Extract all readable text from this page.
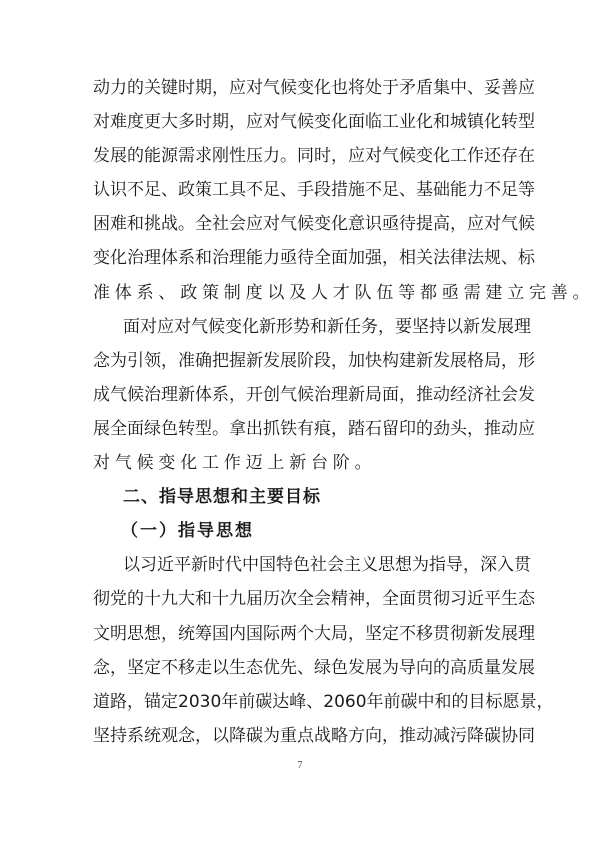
动力的关键时期，应对气候变化也将处于矛盾集中、妥善应
对难度更大多时期，应对气候变化面临工业化和城镇化转型
发展的能源需求刚性压力。同时，应对气候变化工作还存在
认识不足、政策工具不足、手段措施不足、基础能力不足等
困难和挑战。全社会应对气候变化意识亟待提高，应对气候
变化治理体系和治理能力亟待全面加强，相关法律法规、标
准体系、政策制度以及人才队伍等都亟需建立完善。
面对应对气候变化新形势和新任务，要坚持以新发展理
念为引领，准确把握新发展阶段，加快构建新发展格局，形
成气候治理新体系，开创气候治理新局面，推动经济社会发
展全面绿色转型。拿出抓铁有痕，踏石留印的劲头，推动应
对气候变化工作迈上新台阶。
二、指导思想和主要目标
（一）指导思想
以习近平新时代中国特色社会主义思想为指导，深入贯
彻党的十九大和十九届历次全会精神，全面贯彻习近平生态
文明思想，统筹国内国际两个大局，坚定不移贯彻新发展理
念，坚定不移走以生态优先、绿色发展为导向的高质量发展
道路，锚定2030年前碳达峰、2060年前碳中和的目标愿景，
坚持系统观念，以降碳为重点战略方向，推动减污降碳协同
7
